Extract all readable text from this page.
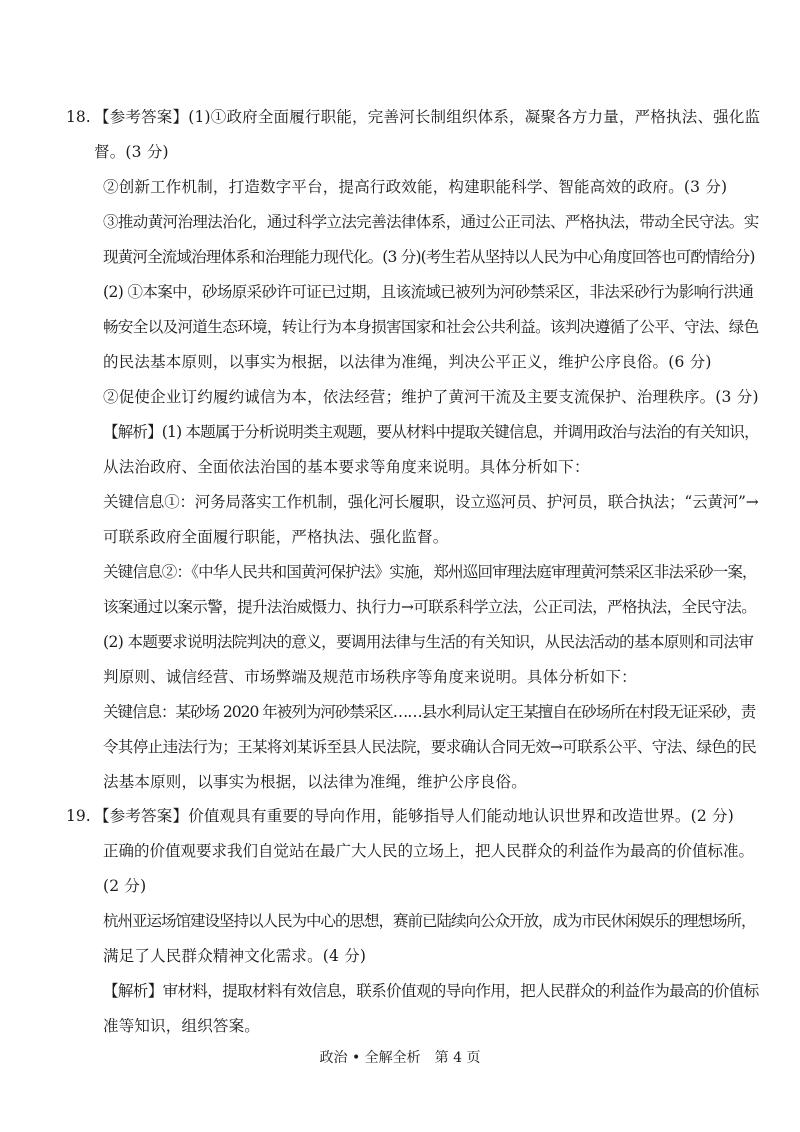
18. 【参考答案】(1)①政府全面履行职能，完善河长制组织体系，凝聚各方力量，严格执法、强化监
督。(3 分)
②创新工作机制，打造数字平台，提高行政效能，构建职能科学、智能高效的政府。(3 分)
③推动黄河治理法治化，通过科学立法完善法律体系，通过公正司法、严格执法，带动全民守法。实
现黄河全流域治理体系和治理能力现代化。(3 分)(考生若从坚持以人民为中心角度回答也可酌情给分)
(2) ①本案中，砂场原采砂许可证已过期，且该流域已被列为河砂禁采区，非法采砂行为影响行洪通
畅安全以及河道生态环境，转让行为本身损害国家和社会公共利益。该判决遵循了公平、守法、绿色
的民法基本原则，以事实为根据，以法律为准绳，判决公平正义，维护公序良俗。(6 分)
②促使企业订约履约诚信为本，依法经营；维护了黄河干流及主要支流保护、治理秩序。(3 分)
【解析】(1) 本题属于分析说明类主观题，要从材料中提取关键信息，并调用政治与法治的有关知识，
从法治政府、全面依法治国的基本要求等角度来说明。具体分析如下：
关键信息①：河务局落实工作机制，强化河长履职，设立巡河员、护河员，联合执法；“云黄河”→
可联系政府全面履行职能，严格执法、强化监督。
关键信息②：《中华人民共和国黄河保护法》实施，郑州巡回审理法庭审理黄河禁采区非法采砂一案，
该案通过以案示警，提升法治威慑力、执行力→可联系科学立法，公正司法，严格执法，全民守法。
(2) 本题要求说明法院判决的意义，要调用法律与生活的有关知识，从民法活动的基本原则和司法审
判原则、诚信经营、市场弊端及规范市场秩序等角度来说明。具体分析如下：
关键信息：某砂场 2020 年被列为河砂禁采区……县水利局认定王某擅自在砂场所在村段无证采砂，责
令其停止违法行为；王某将刘某诉至县人民法院，要求确认合同无效→可联系公平、守法、绿色的民
法基本原则，以事实为根据，以法律为准绳，维护公序良俗。
19. 【参考答案】价值观具有重要的导向作用，能够指导人们能动地认识世界和改造世界。(2 分)
正确的价值观要求我们自觉站在最广大人民的立场上，把人民群众的利益作为最高的价值标准。
(2 分)
杭州亚运场馆建设坚持以人民为中心的思想，赛前已陆续向公众开放，成为市民休闲娱乐的理想场所，
满足了人民群众精神文化需求。(4 分)
【解析】审材料，提取材料有效信息，联系价值观的导向作用，把人民群众的利益作为最高的价值标
准等知识，组织答案。
政治 • 全解全析　第 4 页
